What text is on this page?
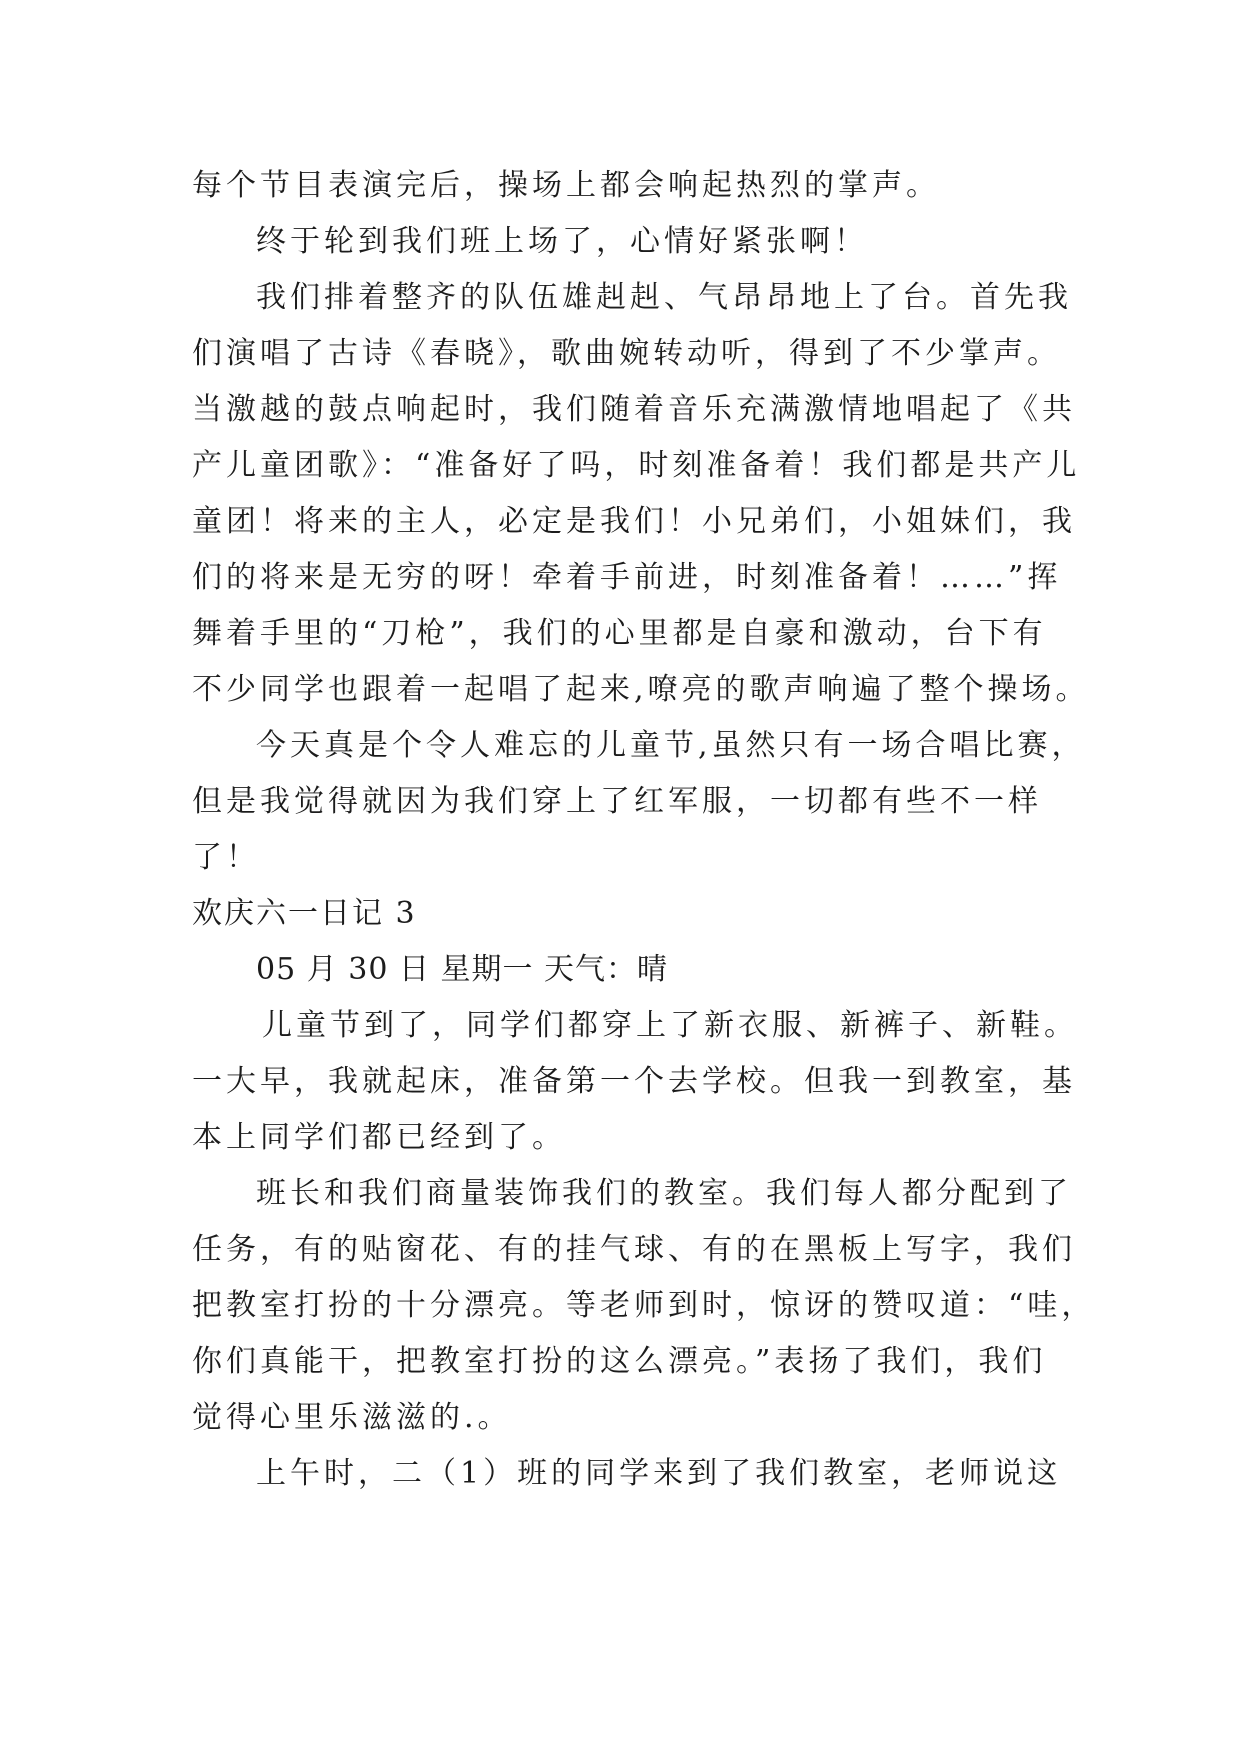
每个节目表演完后，操场上都会响起热烈的掌声。
终于轮到我们班上场了，心情好紧张啊！
我们排着整齐的队伍雄赳赳、气昂昂地上了台。首先我
们演唱了古诗《春晓》，歌曲婉转动听，得到了不少掌声。
当激越的鼓点响起时，我们随着音乐充满激情地唱起了《共
产儿童团歌》：“准备好了吗，时刻准备着！我们都是共产儿
童团！将来的主人，必定是我们！小兄弟们，小姐妹们，我
们的将来是无穷的呀！牵着手前进，时刻准备着！……”挥
舞着手里的“刀枪”，我们的心里都是自豪和激动，台下有
不少同学也跟着一起唱了起来,嘹亮的歌声响遍了整个操场。
今天真是个令人难忘的儿童节,虽然只有一场合唱比赛，
但是我觉得就因为我们穿上了红军服，一切都有些不一样
了！
欢庆六一日记 3
05 月 30 日 星期一 天气：晴
儿童节到了，同学们都穿上了新衣服、新裤子、新鞋。
一大早，我就起床，准备第一个去学校。但我一到教室，基
本上同学们都已经到了。
班长和我们商量装饰我们的教室。我们每人都分配到了
任务，有的贴窗花、有的挂气球、有的在黑板上写字，我们
把教室打扮的十分漂亮。等老师到时，惊讶的赞叹道：“哇，
你们真能干，把教室打扮的这么漂亮。”表扬了我们，我们
觉得心里乐滋滋的.。
上午时，二（1）班的同学来到了我们教室，老师说这
